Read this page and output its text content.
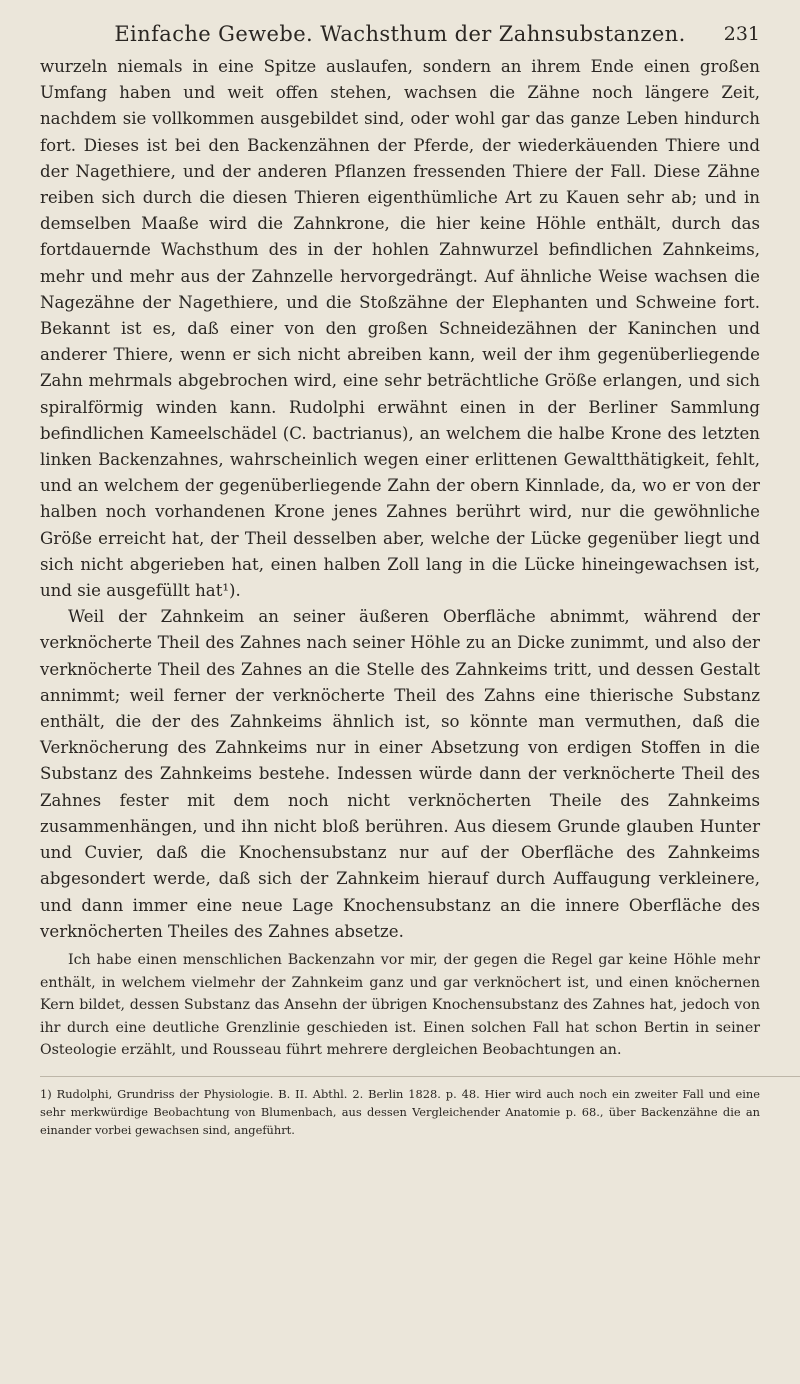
Einfache Gewebe. Wachsthum der Zahnsubstanzen. 231

wurzeln niemals in eine Spitze auslaufen, sondern an ihrem Ende einen großen Umfang haben und weit offen stehen, wachsen die Zähne noch längere Zeit, nachdem sie vollkommen ausgebildet sind, oder wohl gar das ganze Leben hindurch fort. Dieses ist bei den Backenzähnen der Pferde, der wiederkäuenden Thiere und der Nagethiere, und der anderen Pflanzen fressenden Thiere der Fall. Diese Zähne reiben sich durch die diesen Thieren eigenthümliche Art zu Kauen sehr ab; und in demselben Maaße wird die Zahnkrone, die hier keine Höhle enthält, durch das fortdauernde Wachsthum des in der hohlen Zahnwurzel befindlichen Zahnkeims, mehr und mehr aus der Zahnzelle hervorgedrängt. Auf ähnliche Weise wachsen die Nagezähne der Nagethiere, und die Stoßzähne der Elephanten und Schweine fort. Bekannt ist es, daß einer von den großen Schneidezähnen der Kaninchen und anderer Thiere, wenn er sich nicht abreiben kann, weil der ihm gegenüberliegende Zahn mehrmals abgebrochen wird, eine sehr beträchtliche Größe erlangen, und sich spiralförmig winden kann. Rudolphi erwähnt einen in der Berliner Sammlung befindlichen Kameelschädel (C. bactrianus), an welchem die halbe Krone des letzten linken Backenzahnes, wahrscheinlich wegen einer erlittenen Gewaltthätigkeit, fehlt, und an welchem der gegenüberliegende Zahn der obern Kinnlade, da, wo er von der halben noch vorhandenen Krone jenes Zahnes berührt wird, nur die gewöhnliche Größe erreicht hat, der Theil desselben aber, welche der Lücke gegenüber liegt und sich nicht abgerieben hat, einen halben Zoll lang in die Lücke hineingewachsen ist, und sie ausgefüllt hat¹).

Weil der Zahnkeim an seiner äußeren Oberfläche abnimmt, während der verknöcherte Theil des Zahnes nach seiner Höhle zu an Dicke zunimmt, und also der verknöcherte Theil des Zahnes an die Stelle des Zahnkeims tritt, und dessen Gestalt annimmt; weil ferner der verknöcherte Theil des Zahns eine thierische Substanz enthält, die der des Zahnkeims ähnlich ist, so könnte man vermuthen, daß die Verknöcherung des Zahnkeims nur in einer Absetzung von erdigen Stoffen in die Substanz des Zahnkeims bestehe. Indessen würde dann der verknöcherte Theil des Zahnes fester mit dem noch nicht verknöcherten Theile des Zahnkeims zusammenhängen, und ihn nicht bloß berühren. Aus diesem Grunde glauben Hunter und Cuvier, daß die Knochensubstanz nur auf der Oberfläche des Zahnkeims abgesondert werde, daß sich der Zahnkeim hierauf durch Auffaugung verkleinere, und dann immer eine neue Lage Knochensubstanz an die innere Oberfläche des verknöcherten Theiles des Zahnes absetze.

Ich habe einen menschlichen Backenzahn vor mir, der gegen die Regel gar keine Höhle mehr enthält, in welchem vielmehr der Zahnkeim ganz und gar verknöchert ist, und einen knöchernen Kern bildet, dessen Substanz das Ansehn der übrigen Knochensubstanz des Zahnes hat, jedoch von ihr durch eine deutliche Grenzlinie geschieden ist. Einen solchen Fall hat schon Bertin in seiner Osteologie erzählt, und Rousseau führt mehrere dergleichen Beobachtungen an.

1) Rudolphi, Grundriss der Physiologie. B. II. Abthl. 2. Berlin 1828. p. 48. Hier wird auch noch ein zweiter Fall und eine sehr merkwürdige Beobachtung von Blumenbach, aus dessen Vergleichender Anatomie p. 68., über Backenzähne die an einander vorbei gewachsen sind, angeführt.
